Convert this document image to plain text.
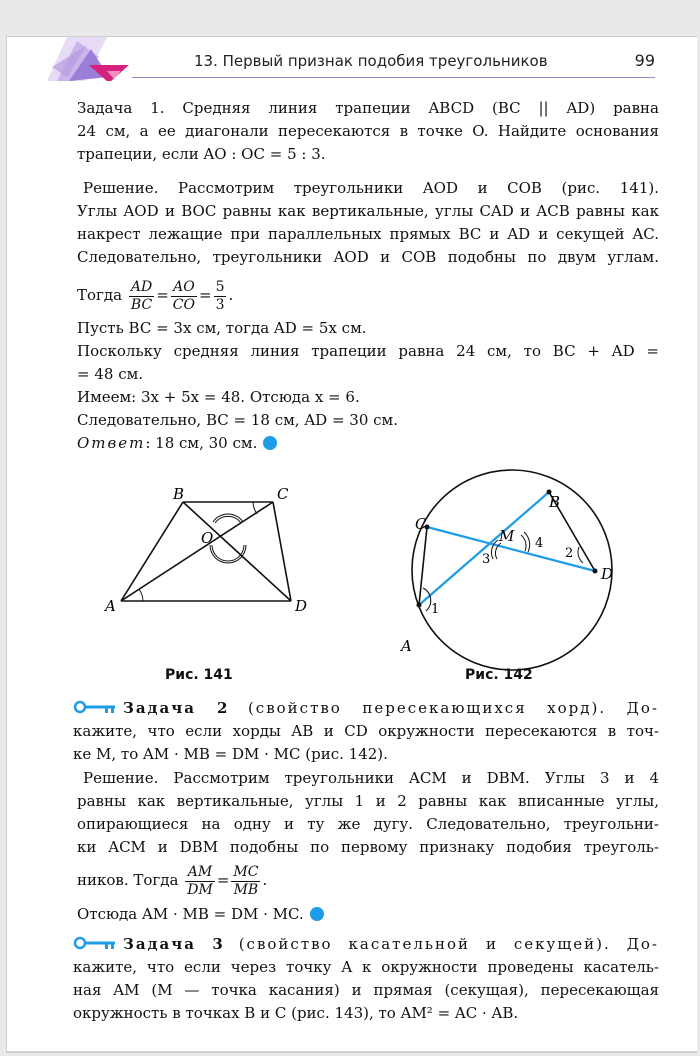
13. Первый признак подобия треугольников	99
Задача 1. Средняя линия трапеции ABCD (BC || AD) равна
24 см, а ее диагонали пересекаются в точке O. Найдите основания
трапеции, если AO : OC = 5 : 3.
Решение. Рассмотрим треугольники AOD и COB (рис. 141).
Углы AOD и BOC равны как вертикальные, углы CAD и ACB равны как
накрест лежащие при параллельных прямых BC и AD и секущей AC.
Следовательно, треугольники AOD и COB подобны по двум углам.
Тогда $\frac{AD}{BC} = \frac{AO}{CO} = \frac{5}{3}$ .
Пусть BC = 3x см, тогда AD = 5x см.
Поскольку средняя линия трапеции равна 24 см, то BC + AD =
= 48 см.
Имеем: 3x + 5x = 48. Отсюда x = 6.
Следовательно, BC = 18 см, AD = 30 см.
Ответ: 18 см, 30 см.
A
B	C
D
O
Рис. 141
A
C
B
D
M
1
2
3
4
Рис. 142
Задача 2 (свойство пересекающихся хорд). До-
кажите, что если хорды AB и CD окружности пересекаются в точ-
ке M, то AM · MB = DM · MC (рис. 142).
Решение. Рассмотрим треугольники ACM и DBM. Углы 3 и 4
равны как вертикальные, углы 1 и 2 равны как вписанные углы,
опирающиеся на одну и ту же дугу. Следовательно, треугольни-
ки ACM и DBM подобны по первому признаку подобия треуголь-
ников. Тогда $\frac{AM}{DM} = \frac{MC}{MB}$ .
Отсюда AM · MB = DM · MC.
Задача 3 (свойство касательной и секущей). До-
кажите, что если через точку A к окружности проведены касатель-
ная AM (M — точка касания) и прямая (секущая), пересекающая
окружность в точках B и C (рис. 143), то AM² = AC · AB.
